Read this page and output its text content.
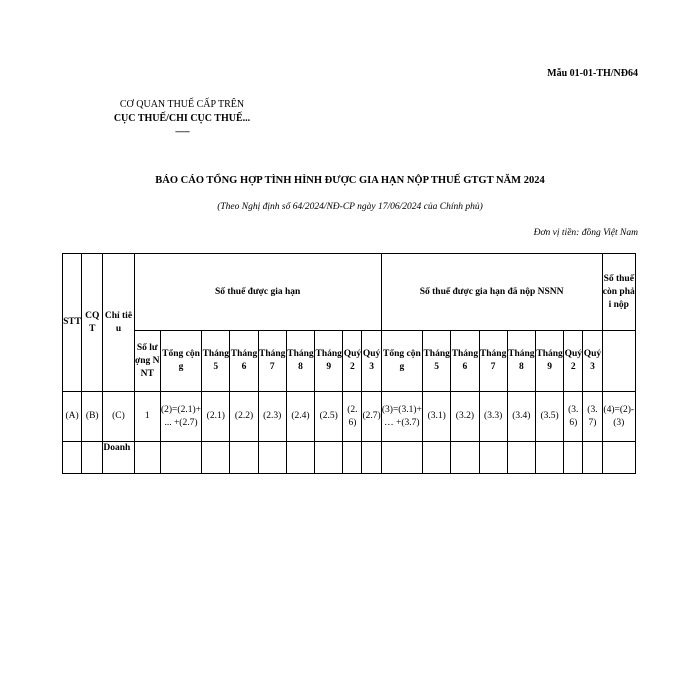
Mẫu 01-01-TH/NĐ64
CƠ QUAN THUẾ CẤP TRÊN
CỤC THUẾ/CHI CỤC THUẾ...
-------
BÁO CÁO TỔNG HỢP TÌNH HÌNH ĐƯỢC GIA HẠN NỘP THUẾ GTGT NĂM 2024
(Theo Nghị định số 64/2024/NĐ-CP ngày 17/06/2024 của Chính phủ)
Đơn vị tiền: đồng Việt Nam
STT	CQT	Chỉ tiêu	Số thuế được gia hạn									Số thuế được gia hạn đã nộp NSNN								Số thuế còn phải nộp
			Số lượng NNT	Tổng cộng	Tháng 5	Tháng 6	Tháng 7	Tháng 8	Tháng 9	Quý 2	Quý 3	Tổng cộng	Tháng 5	Tháng 6	Tháng 7	Tháng 8	Tháng 9	Quý 2	Quý 3	
(A)	(B)	(C)	1	(2)=(2.1)+ ... +(2.7)	(2.1)	(2.2)	(2.3)	(2.4)	(2.5)	(2.6)	(2.7)	(3)=(3.1)+ … +(3.7)	(3.1)	(3.2)	(3.3)	(3.4)	(3.5)	(3.6)	(3.7)	(4)=(2)-(3)
		Doanh																		
